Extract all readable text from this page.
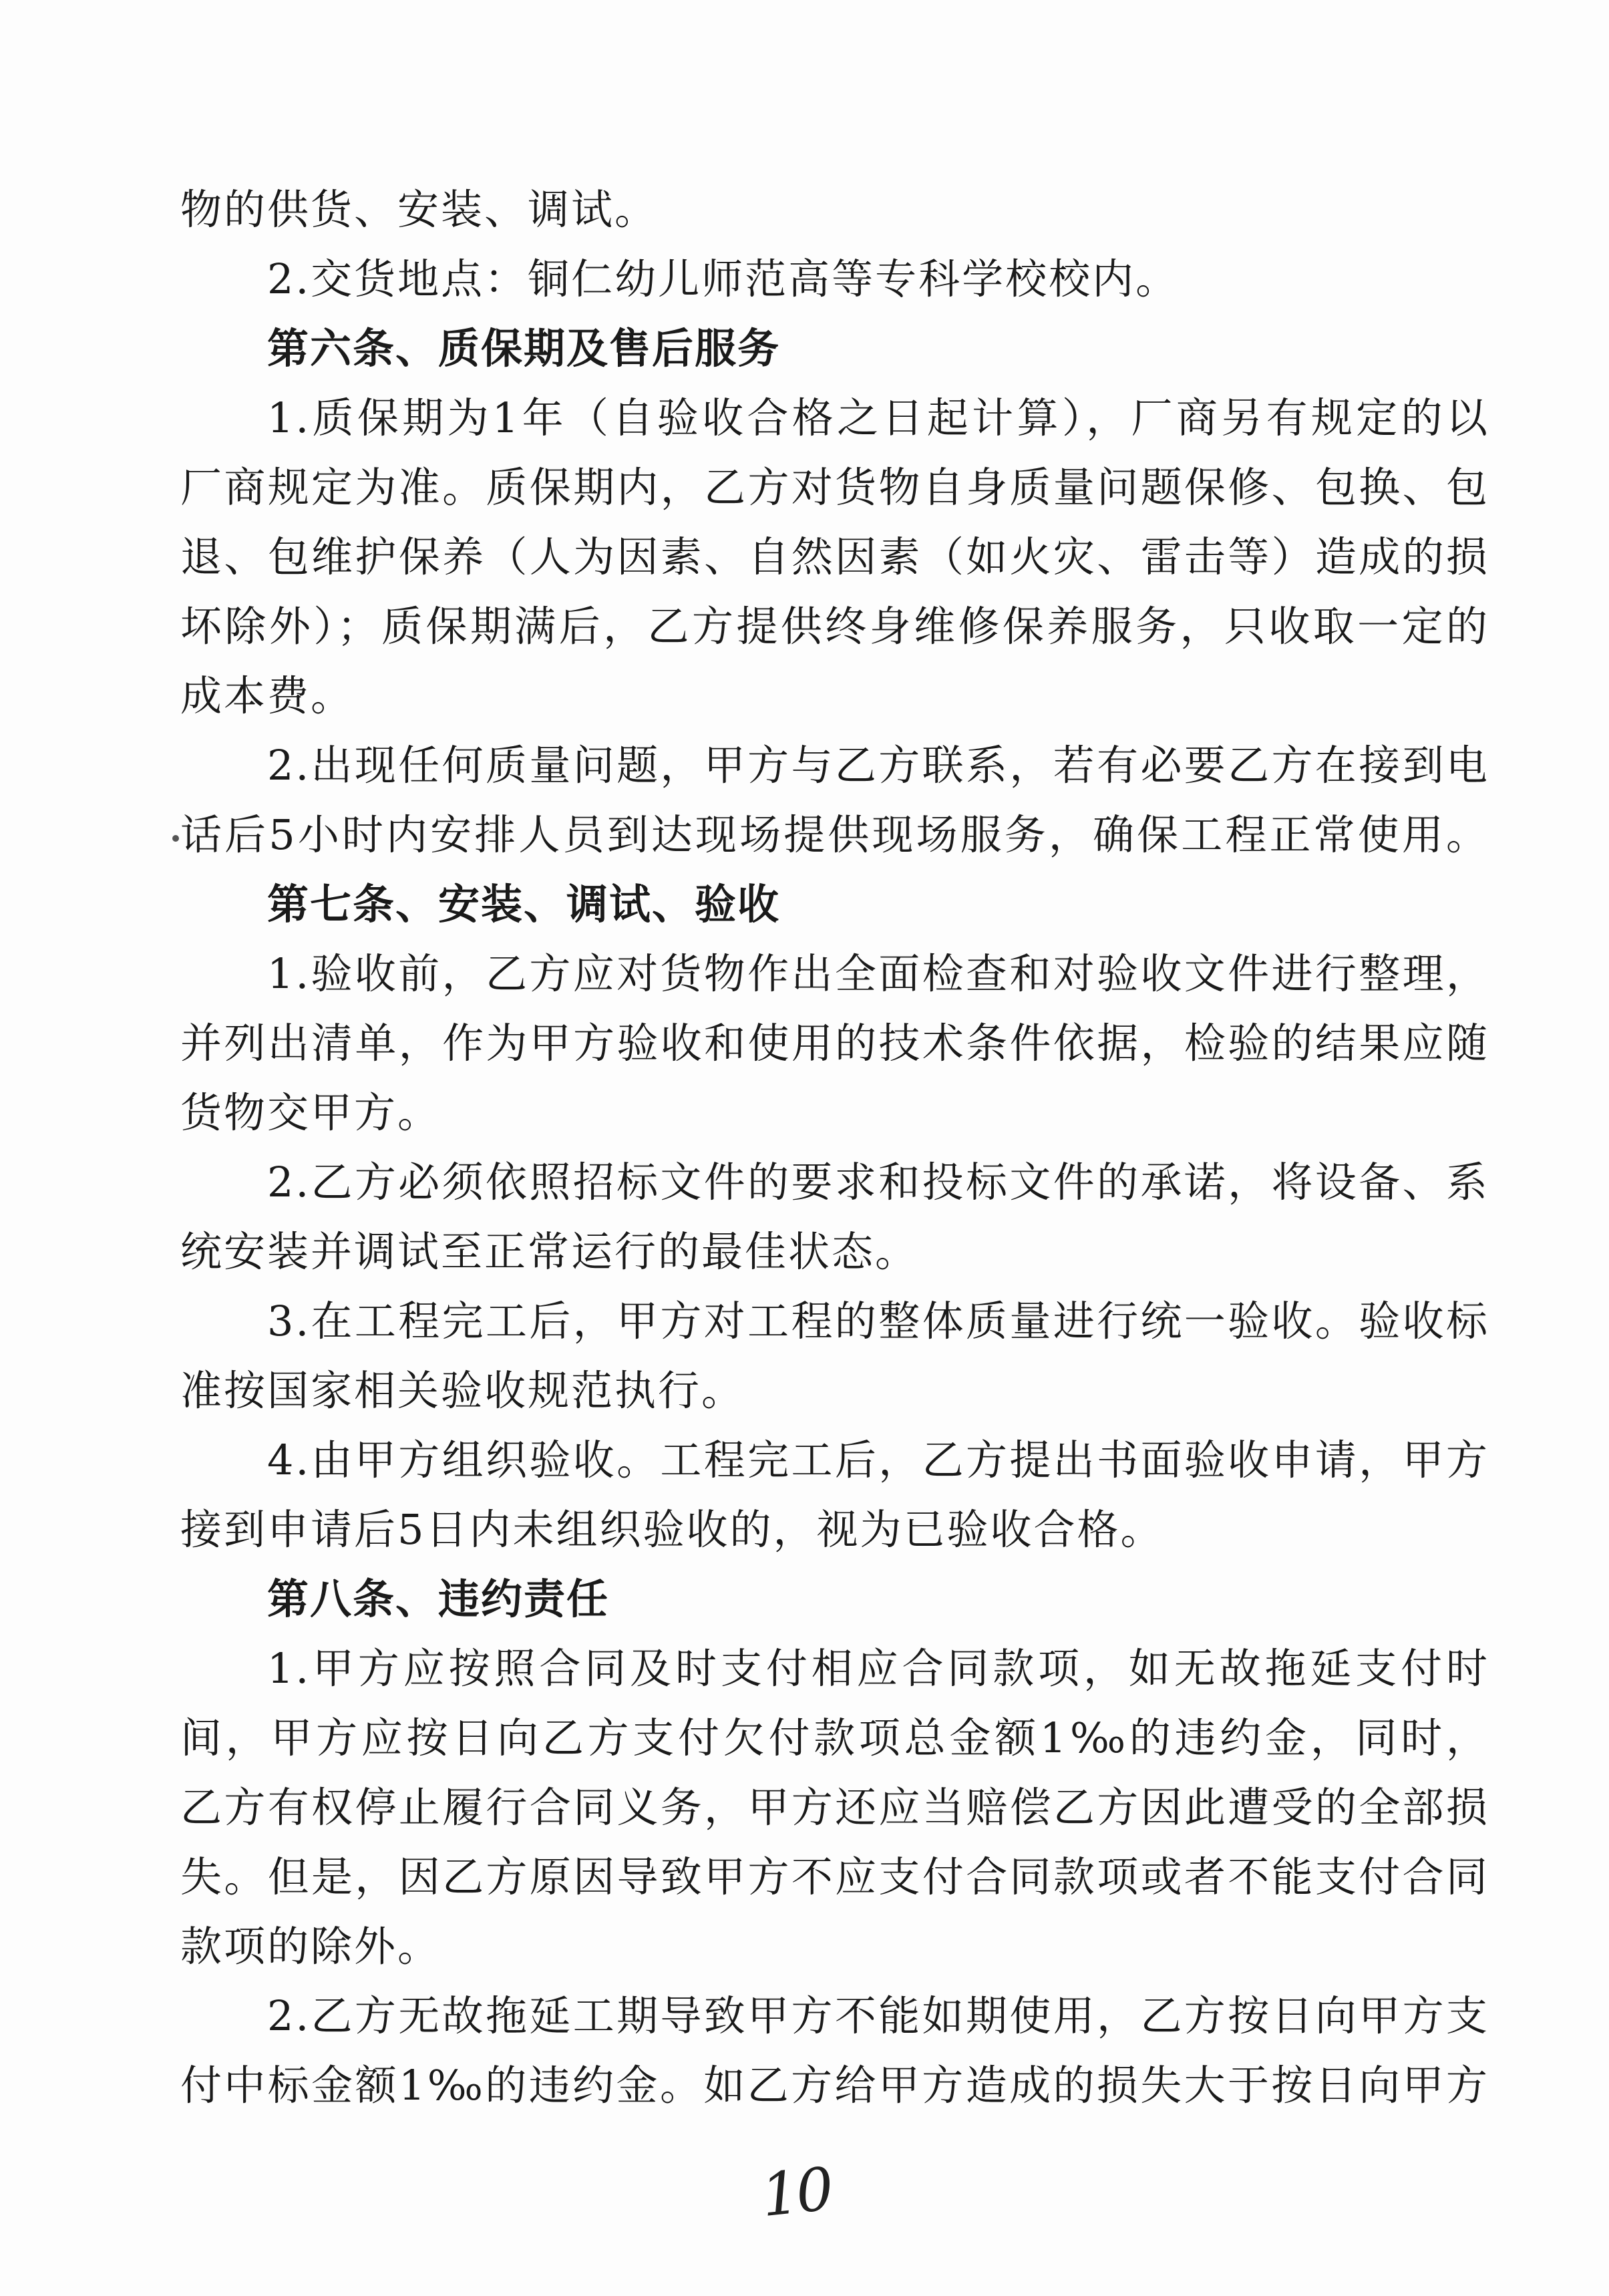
物的供货、安装、调试。
2.交货地点：铜仁幼儿师范高等专科学校校内。
第六条、质保期及售后服务
1.质保期为1年（自验收合格之日起计算），厂商另有规定的以
厂商规定为准。质保期内，乙方对货物自身质量问题保修、包换、包
退、包维护保养（人为因素、自然因素（如火灾、雷击等）造成的损
坏除外）；质保期满后，乙方提供终身维修保养服务，只收取一定的
成本费。
2.出现任何质量问题，甲方与乙方联系，若有必要乙方在接到电
话后5小时内安排人员到达现场提供现场服务，确保工程正常使用。
第七条、安装、调试、验收
1.验收前，乙方应对货物作出全面检查和对验收文件进行整理，
并列出清单，作为甲方验收和使用的技术条件依据，检验的结果应随
货物交甲方。
2.乙方必须依照招标文件的要求和投标文件的承诺，将设备、系
统安装并调试至正常运行的最佳状态。
3.在工程完工后，甲方对工程的整体质量进行统一验收。验收标
准按国家相关验收规范执行。
4.由甲方组织验收。工程完工后，乙方提出书面验收申请，甲方
接到申请后5日内未组织验收的，视为已验收合格。
第八条、违约责任
1.甲方应按照合同及时支付相应合同款项，如无故拖延支付时
间，甲方应按日向乙方支付欠付款项总金额1‰的违约金，同时，
乙方有权停止履行合同义务，甲方还应当赔偿乙方因此遭受的全部损
失。但是，因乙方原因导致甲方不应支付合同款项或者不能支付合同
款项的除外。
2.乙方无故拖延工期导致甲方不能如期使用，乙方按日向甲方支
付中标金额1‰的违约金。如乙方给甲方造成的损失大于按日向甲方
10
